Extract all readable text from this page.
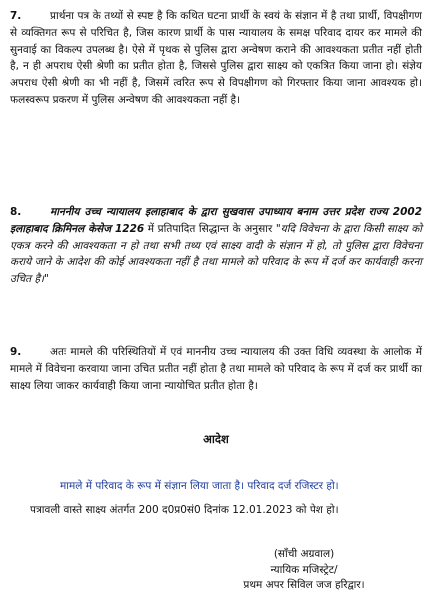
7.	प्रार्थना पत्र के तथ्यों से स्पष्ट है कि कथित घटना प्रार्थी के स्वयं के संज्ञान में है तथा प्रार्थी, विपक्षीगण से व्यक्तिगत रूप से परिचित है, जिस कारण प्रार्थी के पास न्यायालय के समक्ष परिवाद दायर कर मामले की सुनवाई का विकल्प उपलब्ध है। ऐसे में पृथक से पुलिस द्वारा अन्वेषण कराने की आवश्यकता प्रतीत नहीं होती है, न ही अपराध ऐसी श्रेणी का प्रतीत होता है, जिससे पुलिस द्वारा साक्ष्य को एकत्रित किया जाना हो। संज्ञेय अपराध ऐसी श्रेणी का भी नहीं है, जिसमें त्वरित रूप से विपक्षीगण को गिरफ्तार किया जाना आवश्यक हो। फलस्वरूप प्रकरण में पुलिस अन्वेषण की आवश्यकता नहीं है।
8.	माननीय उच्च न्यायालय इलाहाबाद के द्वारा सुखवास उपाध्याय बनाम उत्तर प्रदेश राज्य 2002 इलाहाबाद क्रिमिनल केसेज 1226 में प्रतिपादित सिद्धान्त के अनुसार "यदि विवेचना के द्वारा किसी साक्ष्य को एकत्र करने की आवश्यकता न हो तथा सभी तथ्य एवं साक्ष्य वादी के संज्ञान में हो, तो पुलिस द्वारा विवेचना कराये जाने के आदेश की कोई आवश्यकता नहीं है तथा मामले को परिवाद के रूप में दर्ज कर कार्यवाही करना उचित है।"
9.	अतः मामले की परिस्थितियों में एवं माननीय उच्च न्यायालय की उक्त विधि व्यवस्था के आलोक में मामले में विवेचना करवाया जाना उचित प्रतीत नहीं होता है तथा मामले को परिवाद के रूप में दर्ज कर प्रार्थी का साक्ष्य लिया जाकर कार्यवाही किया जाना न्यायोचित प्रतीत होता है।
आदेश
मामले में परिवाद के रूप में संज्ञान लिया जाता है। परिवाद दर्ज रजिस्टर हो।
पत्रावली वास्ते साक्ष्य अंतर्गत 200 द0प्र0सं0 दिनांक 12.01.2023 को पेश हो।
(साँची अग्रवाल)
न्यायिक मजिस्ट्रेट/
प्रथम अपर सिविल जज हरिद्वार।
